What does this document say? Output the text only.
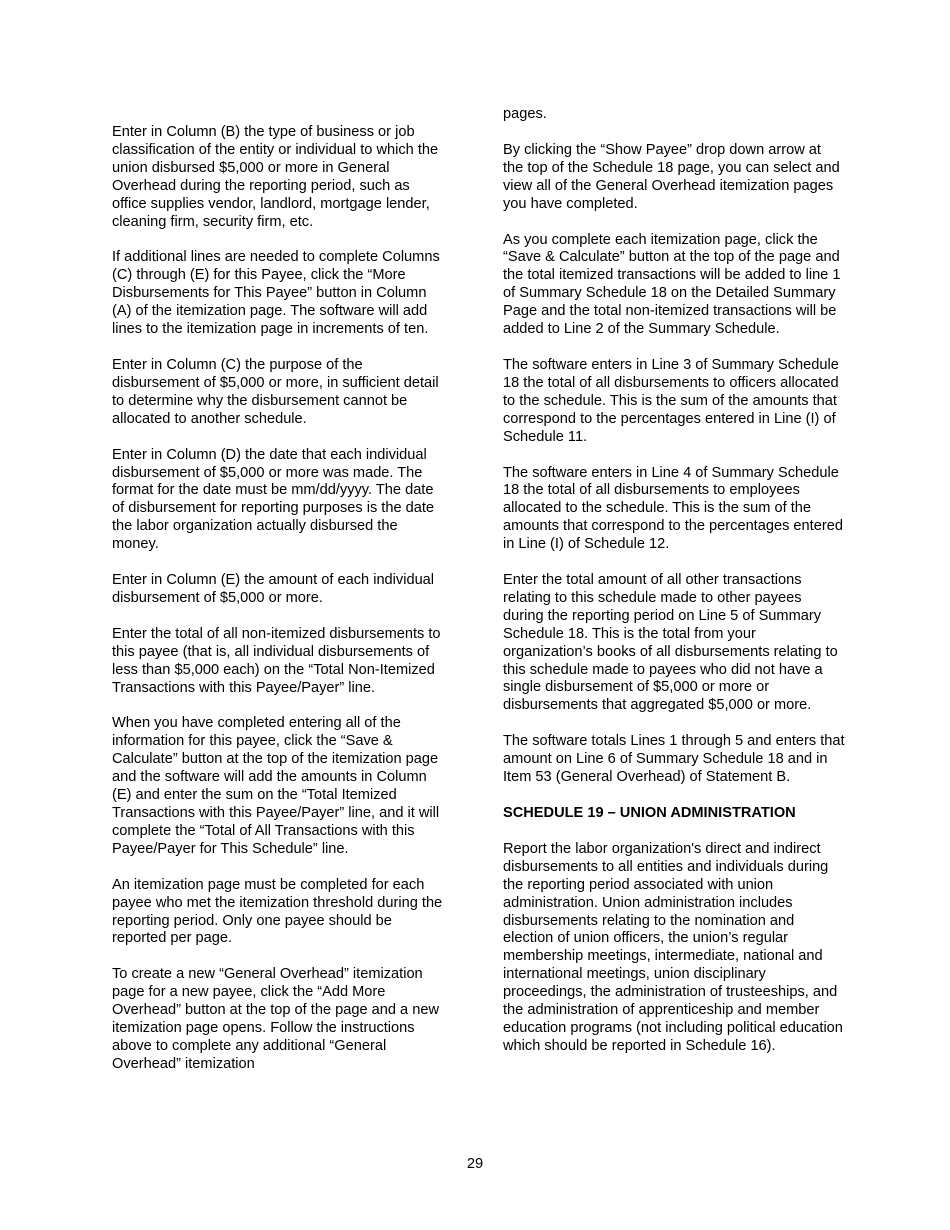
Enter in Column (B) the type of business or job classification of the entity or individual to which the union disbursed $5,000 or more in General Overhead during the reporting period, such as office supplies vendor, landlord, mortgage lender, cleaning firm, security firm, etc.

If additional lines are needed to complete Columns (C) through (E) for this Payee, click the “More Disbursements for This Payee” button in Column (A) of the itemization page. The software will add lines to the itemization page in increments of ten.

Enter in Column (C) the purpose of the disbursement of $5,000 or more, in sufficient detail to determine why the disbursement cannot be allocated to another schedule.

Enter in Column (D) the date that each individual disbursement of $5,000 or more was made. The format for the date must be mm/dd/yyyy. The date of disbursement for reporting purposes is the date the labor organization actually disbursed the money.

Enter in Column (E) the amount of each individual disbursement of $5,000 or more.

Enter the total of all non-itemized disbursements to this payee (that is, all individual disbursements of less than $5,000 each) on the “Total Non-Itemized Transactions with this Payee/Payer” line.

When you have completed entering all of the information for this payee, click the “Save & Calculate” button at the top of the itemization page and the software will add the amounts in Column (E) and enter the sum on the “Total Itemized Transactions with this Payee/Payer” line, and it will complete the “Total of All Transactions with this Payee/Payer for This Schedule” line.

An itemization page must be completed for each payee who met the itemization threshold during the reporting period. Only one payee should be reported per page.

To create a new “General Overhead” itemization page for a new payee, click the “Add More Overhead” button at the top of the page and a new itemization page opens. Follow the instructions above to complete any additional “General Overhead” itemization

pages.

By clicking the “Show Payee” drop down arrow at the top of the Schedule 18 page, you can select and view all of the General Overhead itemization pages you have completed.

As you complete each itemization page, click the “Save & Calculate” button at the top of the page and the total itemized transactions will be added to line 1 of Summary Schedule 18 on the Detailed Summary Page and the total non-itemized transactions will be added to Line 2 of the Summary Schedule.

The software enters in Line 3 of Summary Schedule 18 the total of all disbursements to officers allocated to the schedule. This is the sum of the amounts that correspond to the percentages entered in Line (I) of Schedule 11.

The software enters in Line 4 of Summary Schedule 18 the total of all disbursements to employees allocated to the schedule. This is the sum of the amounts that correspond to the percentages entered in Line (I) of Schedule 12.

Enter the total amount of all other transactions relating to this schedule made to other payees during the reporting period on Line 5 of Summary Schedule 18. This is the total from your organization’s books of all disbursements relating to this schedule made to payees who did not have a single disbursement of $5,000 or more or disbursements that aggregated $5,000 or more.

The software totals Lines 1 through 5 and enters that amount on Line 6 of Summary Schedule 18 and in Item 53 (General Overhead) of Statement B.

SCHEDULE 19 – UNION ADMINISTRATION

Report the labor organization's direct and indirect disbursements to all entities and individuals during the reporting period associated with union administration. Union administration includes disbursements relating to the nomination and election of union officers, the union’s regular membership meetings, intermediate, national and international meetings, union disciplinary proceedings, the administration of trusteeships, and the administration of apprenticeship and member education programs (not including political education which should be reported in Schedule 16).

29
